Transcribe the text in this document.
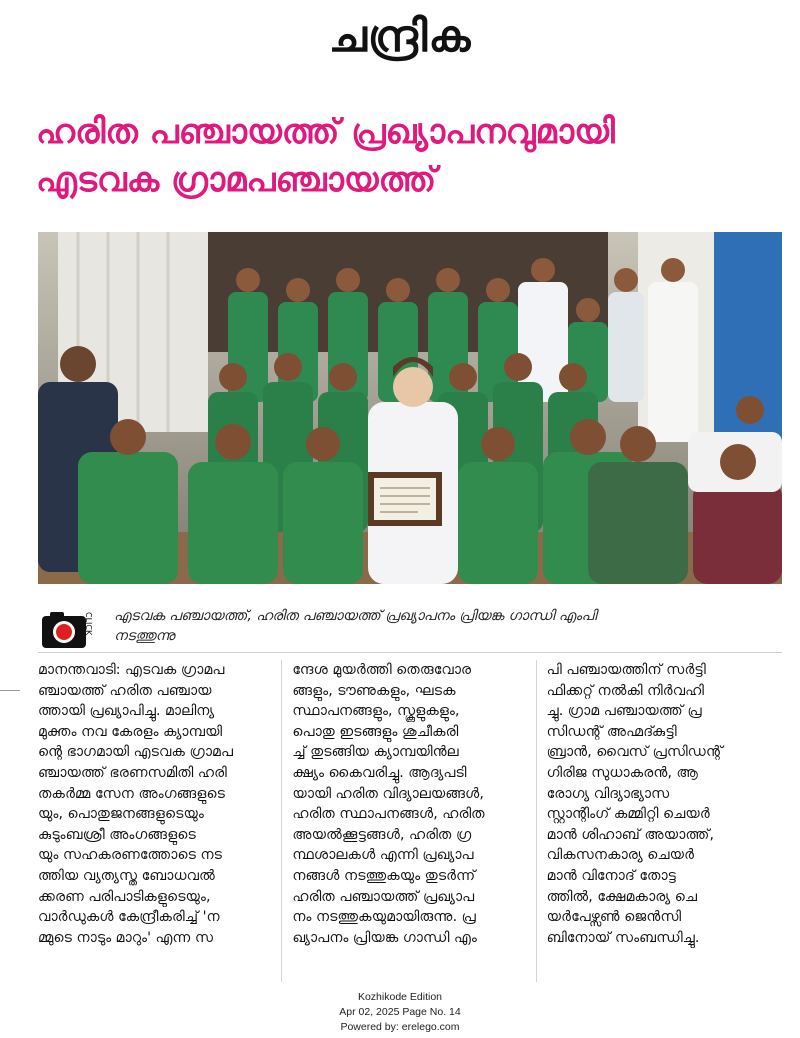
ചന്ദ്രിക
ഹരിത പഞ്ചായത്ത് പ്രഖ്യാപനവുമായി
എടവക ഗ്രാമപഞ്ചായത്ത്
CLICK എടവക പഞ്ചായത്ത്, ഹരിത പഞ്ചായത്ത് പ്രഖ്യാപനം പ്രിയങ്ക ഗാന്ധി എംപി
നടത്തുന്നു
മാനന്തവാടി: എടവക ഗ്രാമപ
ഞ്ചായത്ത് ഹരിത പഞ്ചായ
ത്തായി പ്രഖ്യാപിച്ചു. മാലിന്യ
മുക്തം നവ കേരളം ക്യാമ്പയി
ന്റെ ഭാഗമായി എടവക ഗ്രാമപ
ഞ്ചായത്ത് ഭരണസമിതി ഹരി
തകർമ്മ സേന അംഗങ്ങളുടെ
യും, പൊതുജനങ്ങളുടെയും
കുടുംബശ്രീ അംഗങ്ങളുടെ
യും സഹകരണത്തോടെ നട
ത്തിയ വ്യത്യസ്ത ബോധവൽ
ക്കരണ പരിപാടികളുടെയും,
വാർഡുകൾ കേന്ദ്രീകരിച്ച് 'ന
മ്മുടെ നാടും മാറും' എന്ന സ
ന്ദേശ മുയർത്തി തെരുവോര
ങ്ങളും, ടൗണുകളും, ഘടക
സ്ഥാപനങ്ങളും, സ്കൂളുകളും,
പൊതു ഇടങ്ങളും ശുചീകരി
ച്ച് തുടങ്ങിയ ക്യാമ്പയിൻല
ക്ഷ്യം കൈവരിച്ചു. ആദ്യപടി
യായി ഹരിത വിദ്യാലയങ്ങൾ,
ഹരിത സ്ഥാപനങ്ങൾ, ഹരിത
അയൽക്കൂട്ടങ്ങൾ, ഹരിത ഗ്ര
ന്ഥശാലകൾ എന്നി പ്രഖ്യാപ
നങ്ങൾ നടത്തുകയും തുടർന്ന്
ഹരിത പഞ്ചായത്ത് പ്രഖ്യാപ
നം നടത്തുകയുമായിരുന്നു. പ്ര
ഖ്യാപനം പ്രിയങ്ക ഗാന്ധി എം
പി പഞ്ചായത്തിന് സർട്ടി
ഫിക്കറ്റ് നൽകി നിർവഹി
ച്ചു. ഗ്രാമ പഞ്ചായത്ത് പ്ര
സിഡന്റ് അഹ്മദ്കുട്ടി
ബ്രാൻ, വൈസ് പ്രസിഡന്റ്
ഗിരിജ സുധാകരൻ, ആ
രോഗ്യ വിദ്യാഭ്യാസ
സ്റ്റാന്റിംഗ് കമ്മിറ്റി ചെയർ
മാൻ ശിഹാബ് അയാത്ത്,
വികസനകാര്യ ചെയർ
മാൻ വിനോദ് തോട്ട
ത്തിൽ, ക്ഷേമകാര്യ ചെ
യർപേഴ്സൺ ജെൻസി
ബിനോയ് സംബന്ധിച്ചു.
Kozhikode Edition
Apr 02, 2025 Page No. 14
Powered by: erelego.com
